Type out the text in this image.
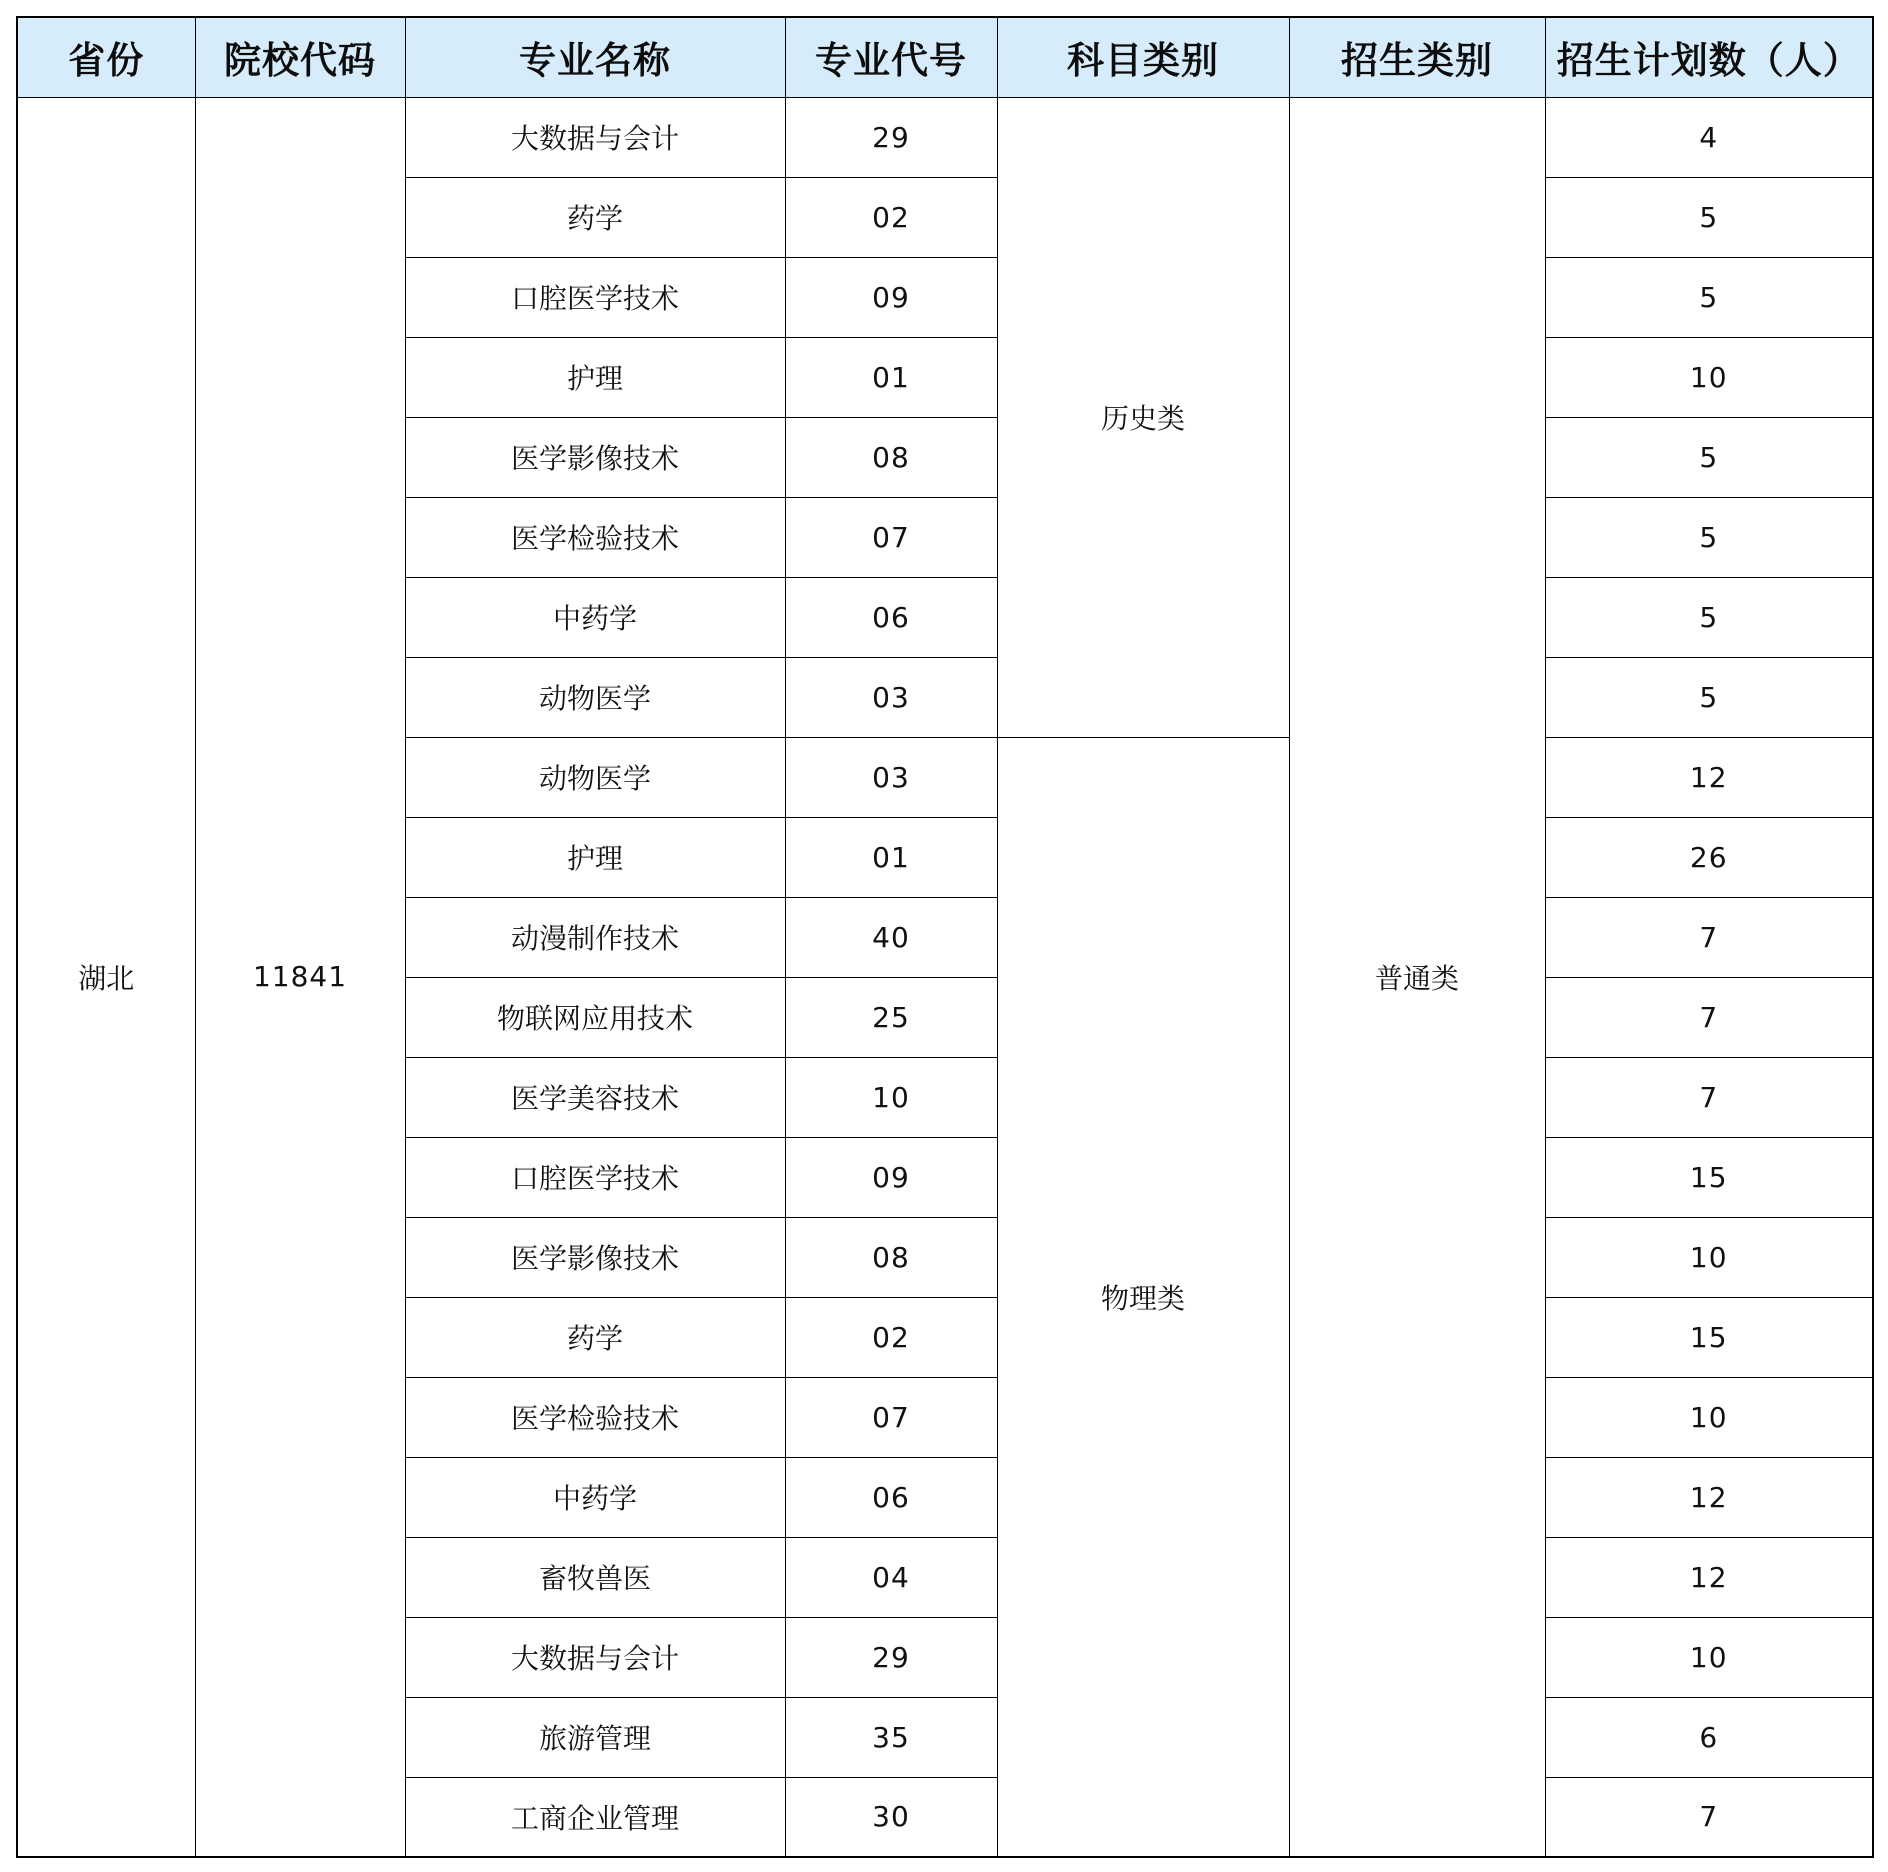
省份	院校代码	专业名称	专业代号	科目类别	招生类别	招生计划数（人）
湖北	11841	大数据与会计	29	历史类	普通类	4
		药学	02			5
		口腔医学技术	09			5
		护理	01			10
		医学影像技术	08			5
		医学检验技术	07			5
		中药学	06			5
		动物医学	03			5
		动物医学	03	物理类		12
		护理	01			26
		动漫制作技术	40			7
		物联网应用技术	25			7
		医学美容技术	10			7
		口腔医学技术	09			15
		医学影像技术	08			10
		药学	02			15
		医学检验技术	07			10
		中药学	06			12
		畜牧兽医	04			12
		大数据与会计	29			10
		旅游管理	35			6
		工商企业管理	30			7
